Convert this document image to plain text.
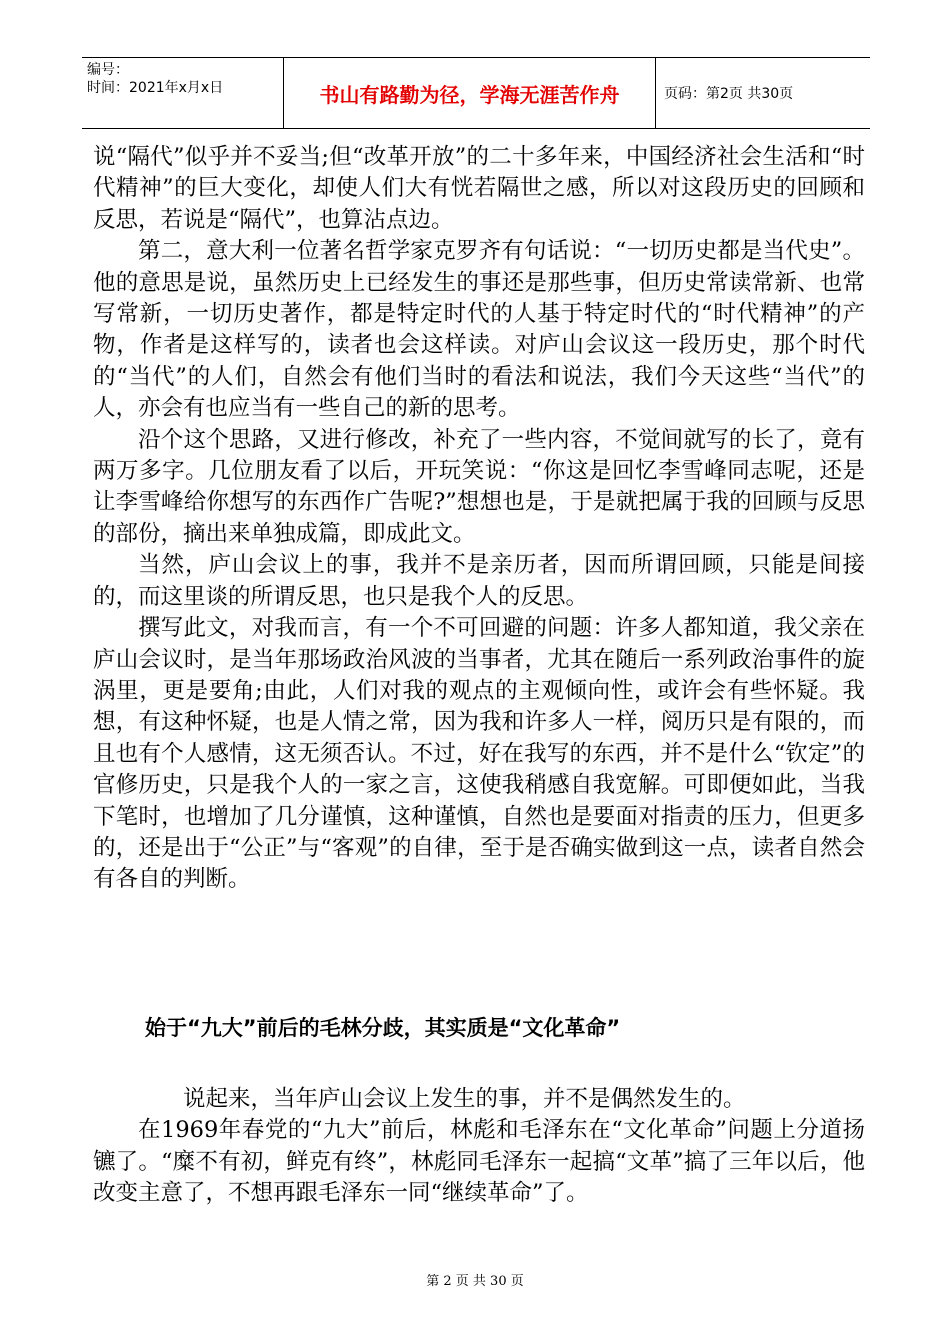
编号：
时间：2021年x月x日	书山有路勤为径，学海无涯苦作舟	页码：第2页 共30页

说“隔代”似乎并不妥当;但“改革开放”的二十多年来，中国经济社会生活和“时代精神”的巨大变化，却使人们大有恍若隔世之感，所以对这段历史的回顾和反思，若说是“隔代”，也算沾点边。

第二，意大利一位著名哲学家克罗齐有句话说：“一切历史都是当代史”。他的意思是说，虽然历史上已经发生的事还是那些事，但历史常读常新、也常写常新，一切历史著作，都是特定时代的人基于特定时代的“时代精神”的产物，作者是这样写的，读者也会这样读。对庐山会议这一段历史，那个时代的“当代”的人们，自然会有他们当时的看法和说法，我们今天这些“当代”的人，亦会有也应当有一些自己的新的思考。

沿个这个思路，又进行修改，补充了一些内容，不觉间就写的长了，竟有两万多字。几位朋友看了以后，开玩笑说：“你这是回忆李雪峰同志呢，还是让李雪峰给你想写的东西作广告呢?”想想也是，于是就把属于我的回顾与反思的部份，摘出来单独成篇，即成此文。

当然，庐山会议上的事，我并不是亲历者，因而所谓回顾，只能是间接的，而这里谈的所谓反思，也只是我个人的反思。

撰写此文，对我而言，有一个不可回避的问题：许多人都知道，我父亲在庐山会议时，是当年那场政治风波的当事者，尤其在随后一系列政治事件的旋涡里，更是要角;由此，人们对我的观点的主观倾向性，或许会有些怀疑。我想，有这种怀疑，也是人情之常，因为我和许多人一样，阅历只是有限的，而且也有个人感情，这无须否认。不过，好在我写的东西，并不是什么“钦定”的官修历史，只是我个人的一家之言，这使我稍感自我宽解。可即便如此，当我下笔时，也增加了几分谨慎，这种谨慎，自然也是要面对指责的压力，但更多的，还是出于“公正”与“客观”的自律，至于是否确实做到这一点，读者自然会有各自的判断。

始于“九大”前后的毛林分歧，其实质是“文化革命”

说起来，当年庐山会议上发生的事，并不是偶然发生的。

在1969年春党的“九大”前后，林彪和毛泽东在“文化革命”问题上分道扬镳了。“糜不有初，鲜克有终”，林彪同毛泽东一起搞“文革”搞了三年以后，他改变主意了，不想再跟毛泽东一同“继续革命”了。

第 2 页 共 30 页
